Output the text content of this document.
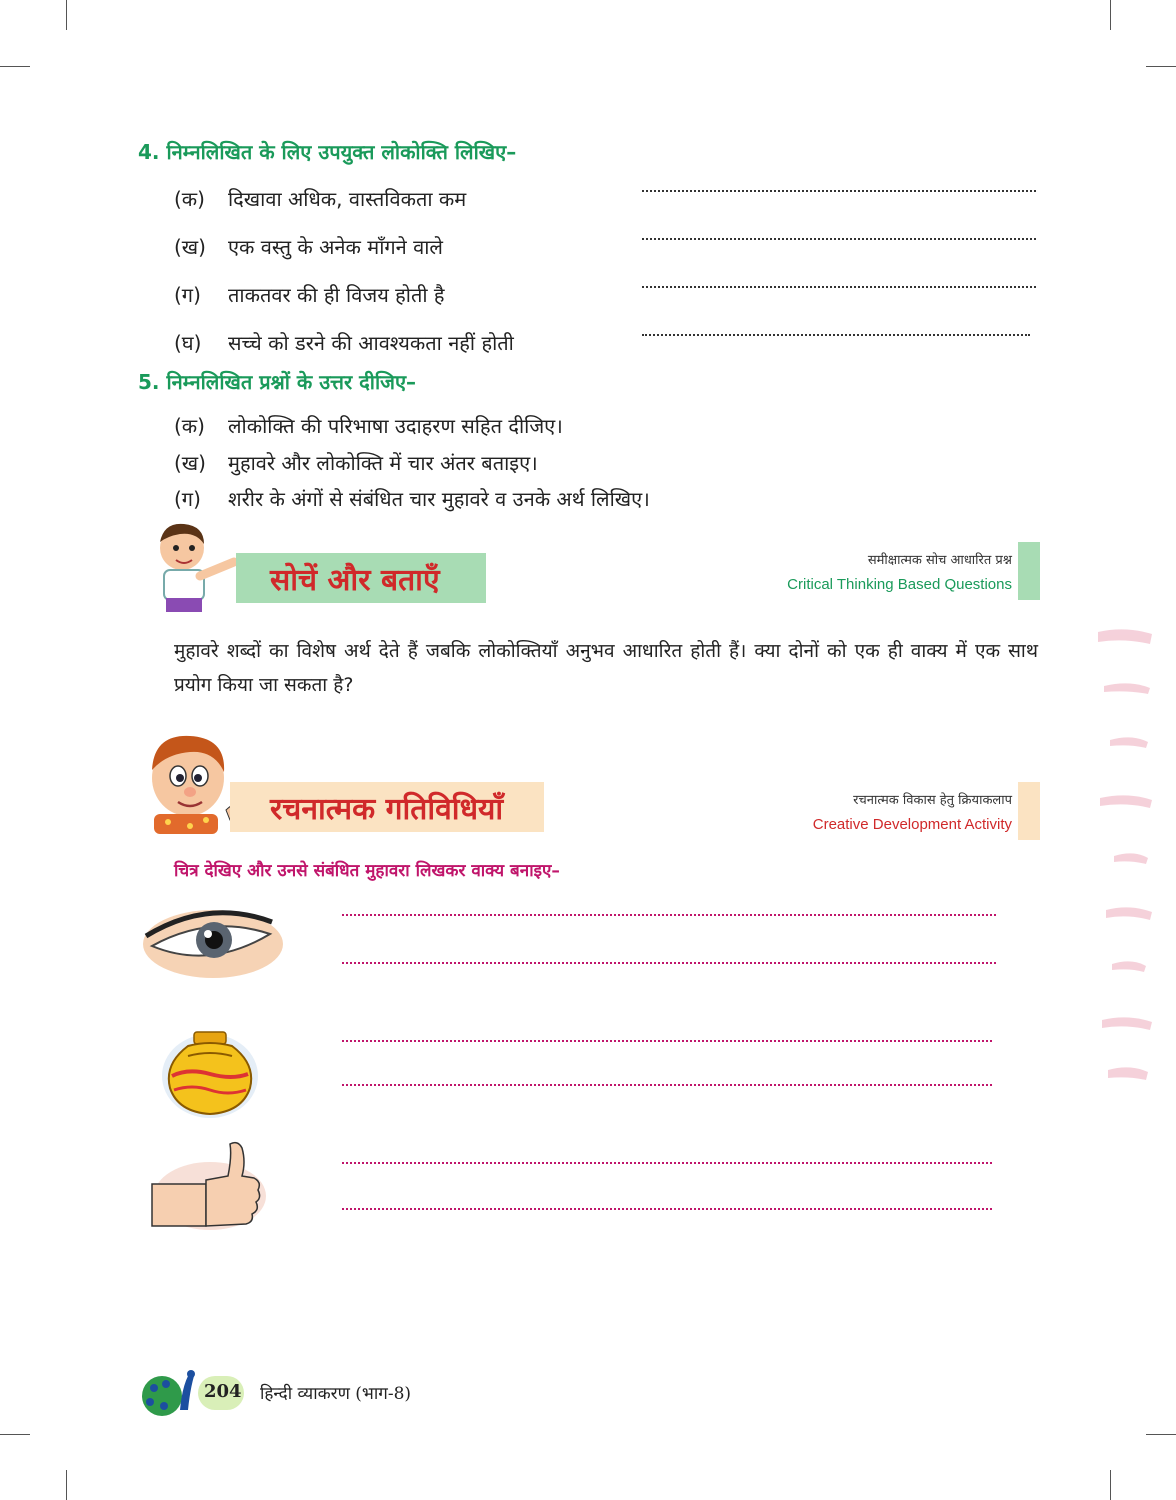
4. निम्नलिखित के लिए उपयुक्त लोकोक्ति लिखिए–
(क) दिखावा अधिक, वास्तविकता कम
(ख) एक वस्तु के अनेक माँगने वाले
(ग) ताकतवर की ही विजय होती है
(घ) सच्चे को डरने की आवश्यकता नहीं होती
5. निम्नलिखित प्रश्नों के उत्तर दीजिए–
(क) लोकोक्ति की परिभाषा उदाहरण सहित दीजिए।
(ख) मुहावरे और लोकोक्ति में चार अंतर बताइए।
(ग) शरीर के अंगों से संबंधित चार मुहावरे व उनके अर्थ लिखिए।
सोचें और बताएँ
समीक्षात्मक सोच आधारित प्रश्न
Critical Thinking Based Questions
मुहावरे शब्दों का विशेष अर्थ देते हैं जबकि लोकोक्तियाँ अनुभव आधारित होती हैं। क्या दोनों को एक ही वाक्य में एक साथ प्रयोग किया जा सकता है?
रचनात्मक गतिविधियाँ	रचनात्मक विकास हेतु क्रियाकलाप
Creative Development Activity
चित्र देखिए और उनसे संबंधित मुहावरा लिखकर वाक्य बनाइए–
204 हिन्दी व्याकरण (भाग-8)
